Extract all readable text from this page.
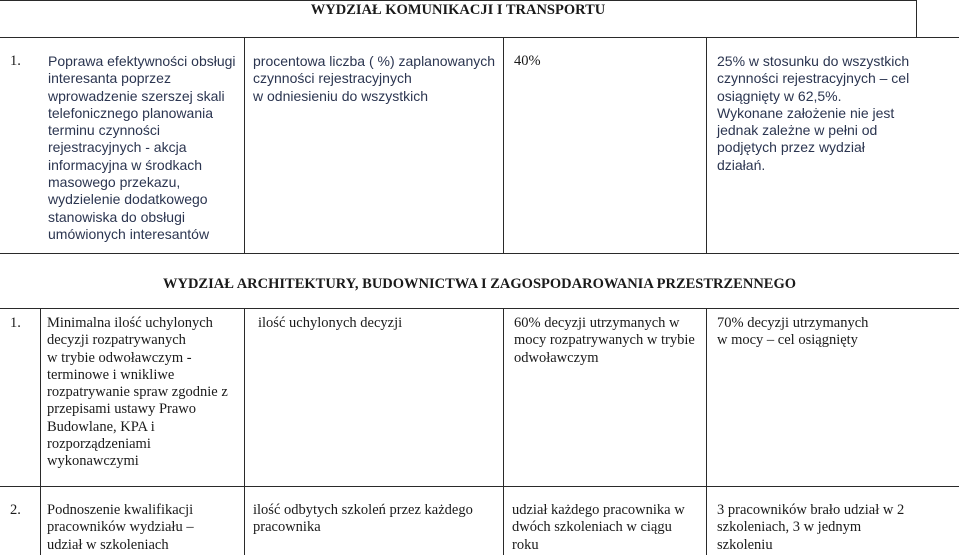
WYDZIAŁ KOMUNIKACJI I TRANSPORTU
1. Poprawa efektywności obsługi
interesanta poprzez
wprowadzenie szerszej skali
telefonicznego planowania
terminu czynności
rejestracyjnych - akcja
informacyjna w środkach
masowego przekazu,
wydzielenie dodatkowego
stanowiska do obsługi
umówionych interesantów
procentowa liczba ( %) zaplanowanych
czynności rejestracyjnych
w odniesieniu do wszystkich
40%	25% w stosunku do wszystkich
czynności rejestracyjnych – cel
osiągnięty w 62,5%.
Wykonane założenie nie jest
jednak zależne w pełni od
podjętych przez wydział
działań.
WYDZIAŁ ARCHITEKTURY, BUDOWNICTWA I ZAGOSPODAROWANIA PRZESTRZENNEGO
1. Minimalna ilość uchylonych
decyzji rozpatrywanych
w trybie odwoławczym -
terminowe i wnikliwe
rozpatrywanie spraw zgodnie z
przepisami ustawy Prawo
Budowlane, KPA i
rozporządzeniami
wykonawczymi
ilość uchylonych decyzji	60% decyzji utrzymanych w
mocy rozpatrywanych w trybie
odwoławczym
70% decyzji utrzymanych
w mocy – cel osiągnięty
2. Podnoszenie kwalifikacji
pracowników wydziału –
udział w szkoleniach
ilość odbytych szkoleń przez każdego
pracownika
udział każdego pracownika w
dwóch szkoleniach w ciągu
roku
3 pracowników brało udział w 2
szkoleniach, 3 w jednym
szkoleniu
